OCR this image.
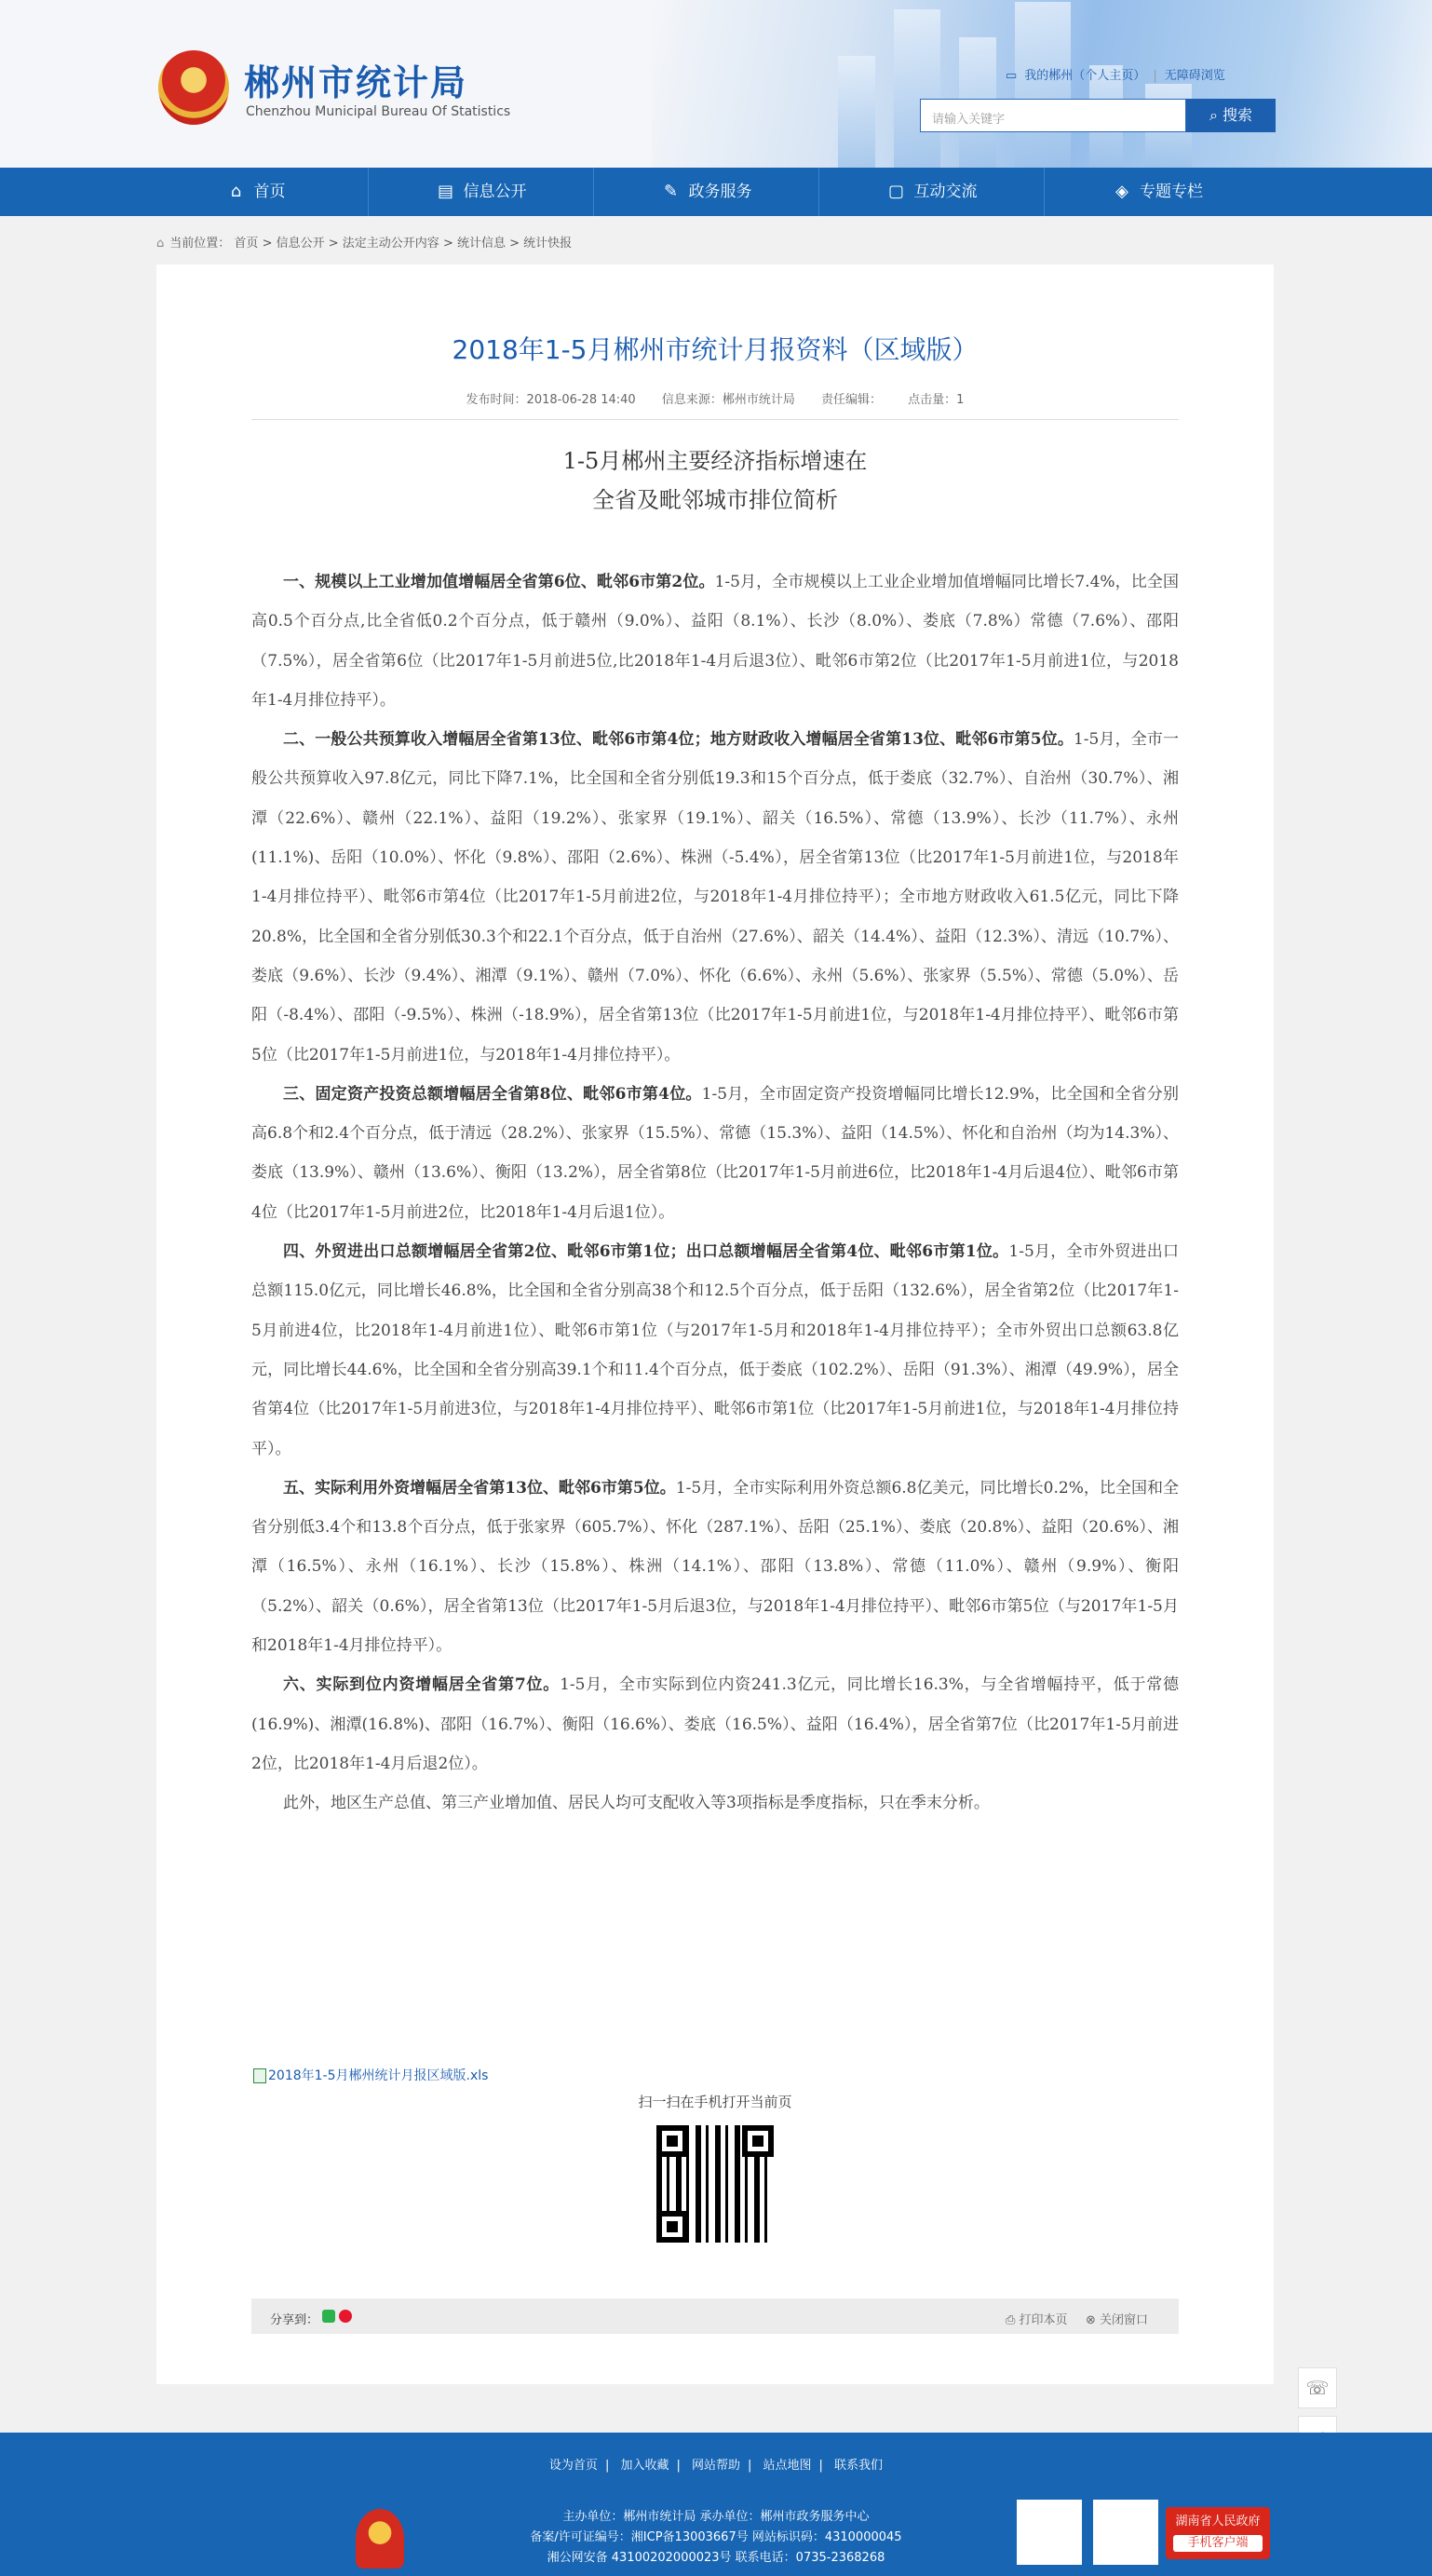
郴州市统计局
Chenzhou Municipal Bureau Of Statistics
▭ 我的郴州（个人主页） | 无障碍浏览
请输入关键字	⌕ 搜索
⌂ 首页	▤ 信息公开	✎ 政务服务	▢ 互动交流	◈ 专题专栏
⌂ 当前位置： 首页 > 信息公开 > 法定主动公开内容 > 统计信息 > 统计快报
2018年1-5月郴州市统计月报资料（区域版）
发布时间：2018-06-28 14:40 信息来源：郴州市统计局 责任编辑： 点击量：1
1-5月郴州主要经济指标增速在
全省及毗邻城市排位简析

一、规模以上工业增加值增幅居全省第6位、毗邻6市第2位。1-5月，全市规模以上工业企业增加值增幅同比增长7.4%，比全国高0.5个百分点,比全省低0.2个百分点，低于赣州（9.0%）、益阳（8.1%）、长沙（8.0%）、娄底（7.8%）常德（7.6%）、邵阳（7.5%），居全省第6位（比2017年1-5月前进5位,比2018年1-4月后退3位）、毗邻6市第2位（比2017年1-5月前进1位，与2018年1-4月排位持平）。

二、一般公共预算收入增幅居全省第13位、毗邻6市第4位；地方财政收入增幅居全省第13位、毗邻6市第5位。1-5月，全市一般公共预算收入97.8亿元，同比下降7.1%，比全国和全省分别低19.3和15个百分点，低于娄底（32.7%）、自治州（30.7%）、湘潭（22.6%）、赣州（22.1%）、益阳（19.2%）、张家界（19.1%）、韶关（16.5%）、常德（13.9%）、长沙（11.7%）、永州(11.1%)、岳阳（10.0%）、怀化（9.8%）、邵阳（2.6%）、株洲（-5.4%），居全省第13位（比2017年1-5月前进1位，与2018年1-4月排位持平）、毗邻6市第4位（比2017年1-5月前进2位，与2018年1-4月排位持平）；全市地方财政收入61.5亿元，同比下降20.8%，比全国和全省分别低30.3个和22.1个百分点，低于自治州（27.6%）、韶关（14.4%）、益阳（12.3%）、清远（10.7%）、娄底（9.6%）、长沙（9.4%）、湘潭（9.1%）、赣州（7.0%）、怀化（6.6%）、永州（5.6%）、张家界（5.5%）、常德（5.0%）、岳阳（-8.4%）、邵阳（-9.5%）、株洲（-18.9%），居全省第13位（比2017年1-5月前进1位，与2018年1-4月排位持平）、毗邻6市第5位（比2017年1-5月前进1位，与2018年1-4月排位持平）。

三、固定资产投资总额增幅居全省第8位、毗邻6市第4位。1-5月，全市固定资产投资增幅同比增长12.9%，比全国和全省分别高6.8个和2.4个百分点，低于清远（28.2%）、张家界（15.5%）、常德（15.3%）、益阳（14.5%）、怀化和自治州（均为14.3%）、娄底（13.9%）、赣州（13.6%）、衡阳（13.2%），居全省第8位（比2017年1-5月前进6位，比2018年1-4月后退4位）、毗邻6市第4位（比2017年1-5月前进2位，比2018年1-4月后退1位）。

四、外贸进出口总额增幅居全省第2位、毗邻6市第1位；出口总额增幅居全省第4位、毗邻6市第1位。1-5月，全市外贸进出口总额115.0亿元，同比增长46.8%，比全国和全省分别高38个和12.5个百分点，低于岳阳（132.6%），居全省第2位（比2017年1-5月前进4位，比2018年1-4月前进1位）、毗邻6市第1位（与2017年1-5月和2018年1-4月排位持平）；全市外贸出口总额63.8亿元，同比增长44.6%，比全国和全省分别高39.1个和11.4个百分点，低于娄底（102.2%）、岳阳（91.3%）、湘潭（49.9%），居全省第4位（比2017年1-5月前进3位，与2018年1-4月排位持平）、毗邻6市第1位（比2017年1-5月前进1位，与2018年1-4月排位持平）。

五、实际利用外资增幅居全省第13位、毗邻6市第5位。1-5月，全市实际利用外资总额6.8亿美元，同比增长0.2%，比全国和全省分别低3.4个和13.8个百分点，低于张家界（605.7%）、怀化（287.1%）、岳阳（25.1%）、娄底（20.8%）、益阳（20.6%）、湘潭（16.5%）、永州（16.1%）、长沙（15.8%）、株洲（14.1%）、邵阳（13.8%）、常德（11.0%）、赣州（9.9%）、衡阳（5.2%）、韶关（0.6%），居全省第13位（比2017年1-5月后退3位，与2018年1-4月排位持平）、毗邻6市第5位（与2017年1-5月和2018年1-4月排位持平）。

六、实际到位内资增幅居全省第7位。1-5月，全市实际到位内资241.3亿元，同比增长16.3%，与全省增幅持平，低于常德(16.9%)、湘潭(16.8%)、邵阳（16.7%）、衡阳（16.6%）、娄底（16.5%）、益阳（16.4%），居全省第7位（比2017年1-5月前进2位，比2018年1-4月后退2位）。

此外，地区生产总值、第三产业增加值、居民人均可支配收入等3项指标是季度指标，只在季末分析。

2018年1-5月郴州统计月报区域版.xls
扫一扫在手机打开当前页
分享到：	⎙ 打印本页 ⊗ 关闭窗口
☏
设为首页 | 加入收藏 | 网站帮助 | 站点地图 | 联系我们
主办单位：郴州市统计局 承办单位：郴州市政务服务中心
备案/许可证编号：湘ICP备13003667号 网站标识码：4310000045
湘公网安备 43100202000023号 联系电话：0735-2368268
湖南省人民政府
手机客户端
